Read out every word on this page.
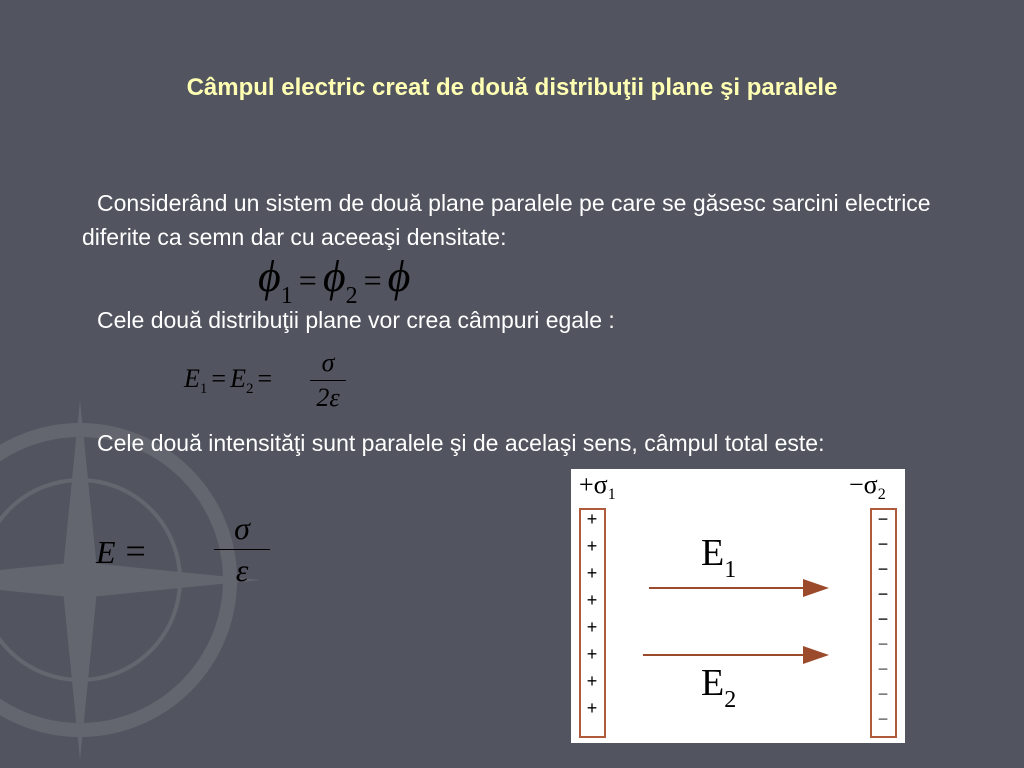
Câmpul electric creat de două distribuţii plane şi paralele
Considerând un sistem de două plane paralele pe care se găsesc sarcini electrice diferite ca semn dar cu aceeaşi densitate:
$\phi_1 = \phi_2 = \phi$
Cele două distribuţii plane vor crea câmpuri egale :
$E_1 = E_2$ =
σ
2ε
Cele două intensităţi sunt paralele şi de acelaşi sens, câmpul total este:
E =
σ
ε
$+\sigma_1$	$-\sigma_2$
+
+
+
+
+
+
+
+
−
−
−
−
−
−
−
−
−
$E_1$
$E_2$
